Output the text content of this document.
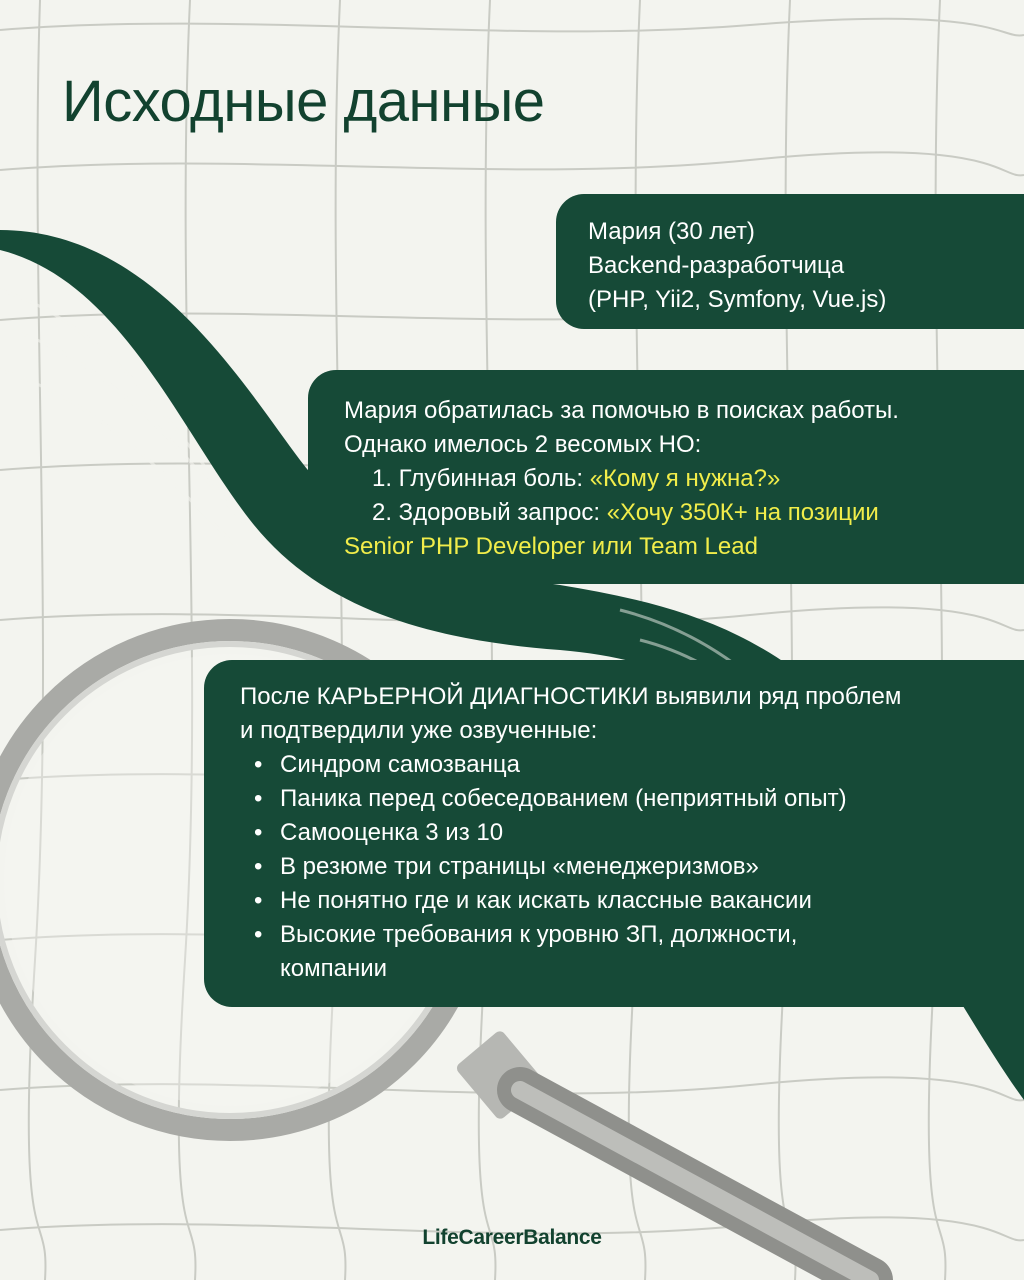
Исходные данные
Мария (30 лет)
Backend-разработчица
(PHP, Yii2, Symfony, Vue.js)
Мария обратилась за помочью в поисках работы.
Однако имелось 2 весомых НО:
1. Глубинная боль: «Кому я нужна?»
2. Здоровый запрос: «Хочу 350К+ на позиции
Senior PHP Developer или Team Lead
После КАРЬЕРНОЙ ДИАГНОСТИКИ выявили ряд проблем
и подтвердили уже озвученные:
• Синдром самозванца
• Паника перед собеседованием (неприятный опыт)
• Самооценка 3 из 10
• В резюме три страницы «менеджеризмов»
• Не понятно где и как искать классные вакансии
• Высокие требования к уровню ЗП, должности, компании
LifeCareerBalance
